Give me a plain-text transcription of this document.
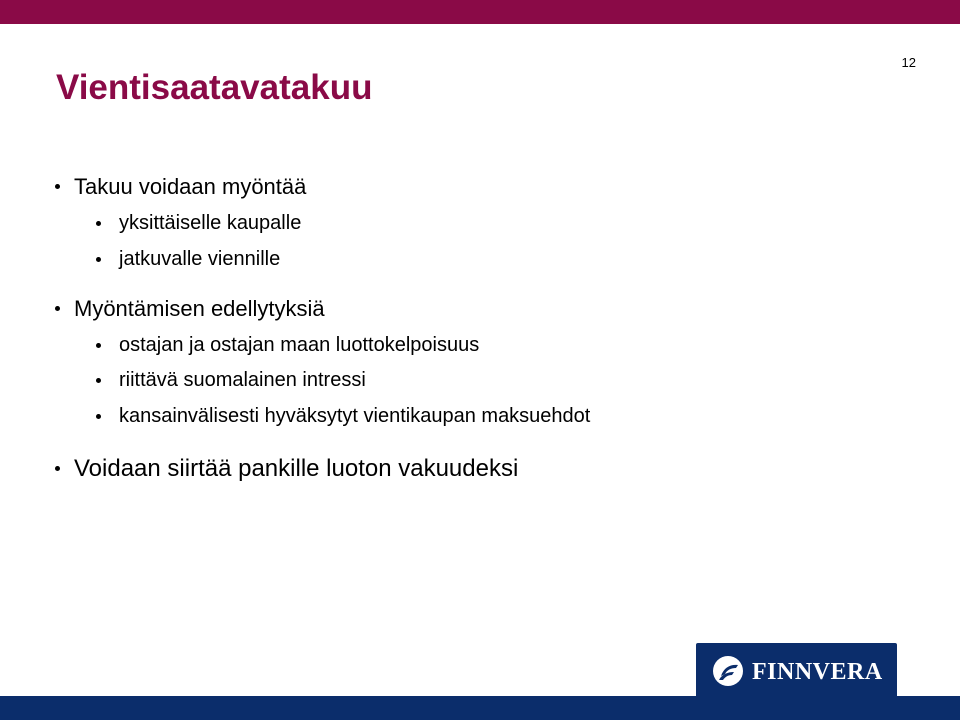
12
Vientisaatavatakuu
Takuu voidaan myöntää
yksittäiselle kaupalle
jatkuvalle viennille
Myöntämisen edellytyksiä
ostajan ja ostajan maan luottokelpoisuus
riittävä suomalainen intressi
kansainvälisesti hyväksytyt vientikaupan maksuehdot
Voidaan siirtää pankille luoton vakuudeksi
FINNVERA
